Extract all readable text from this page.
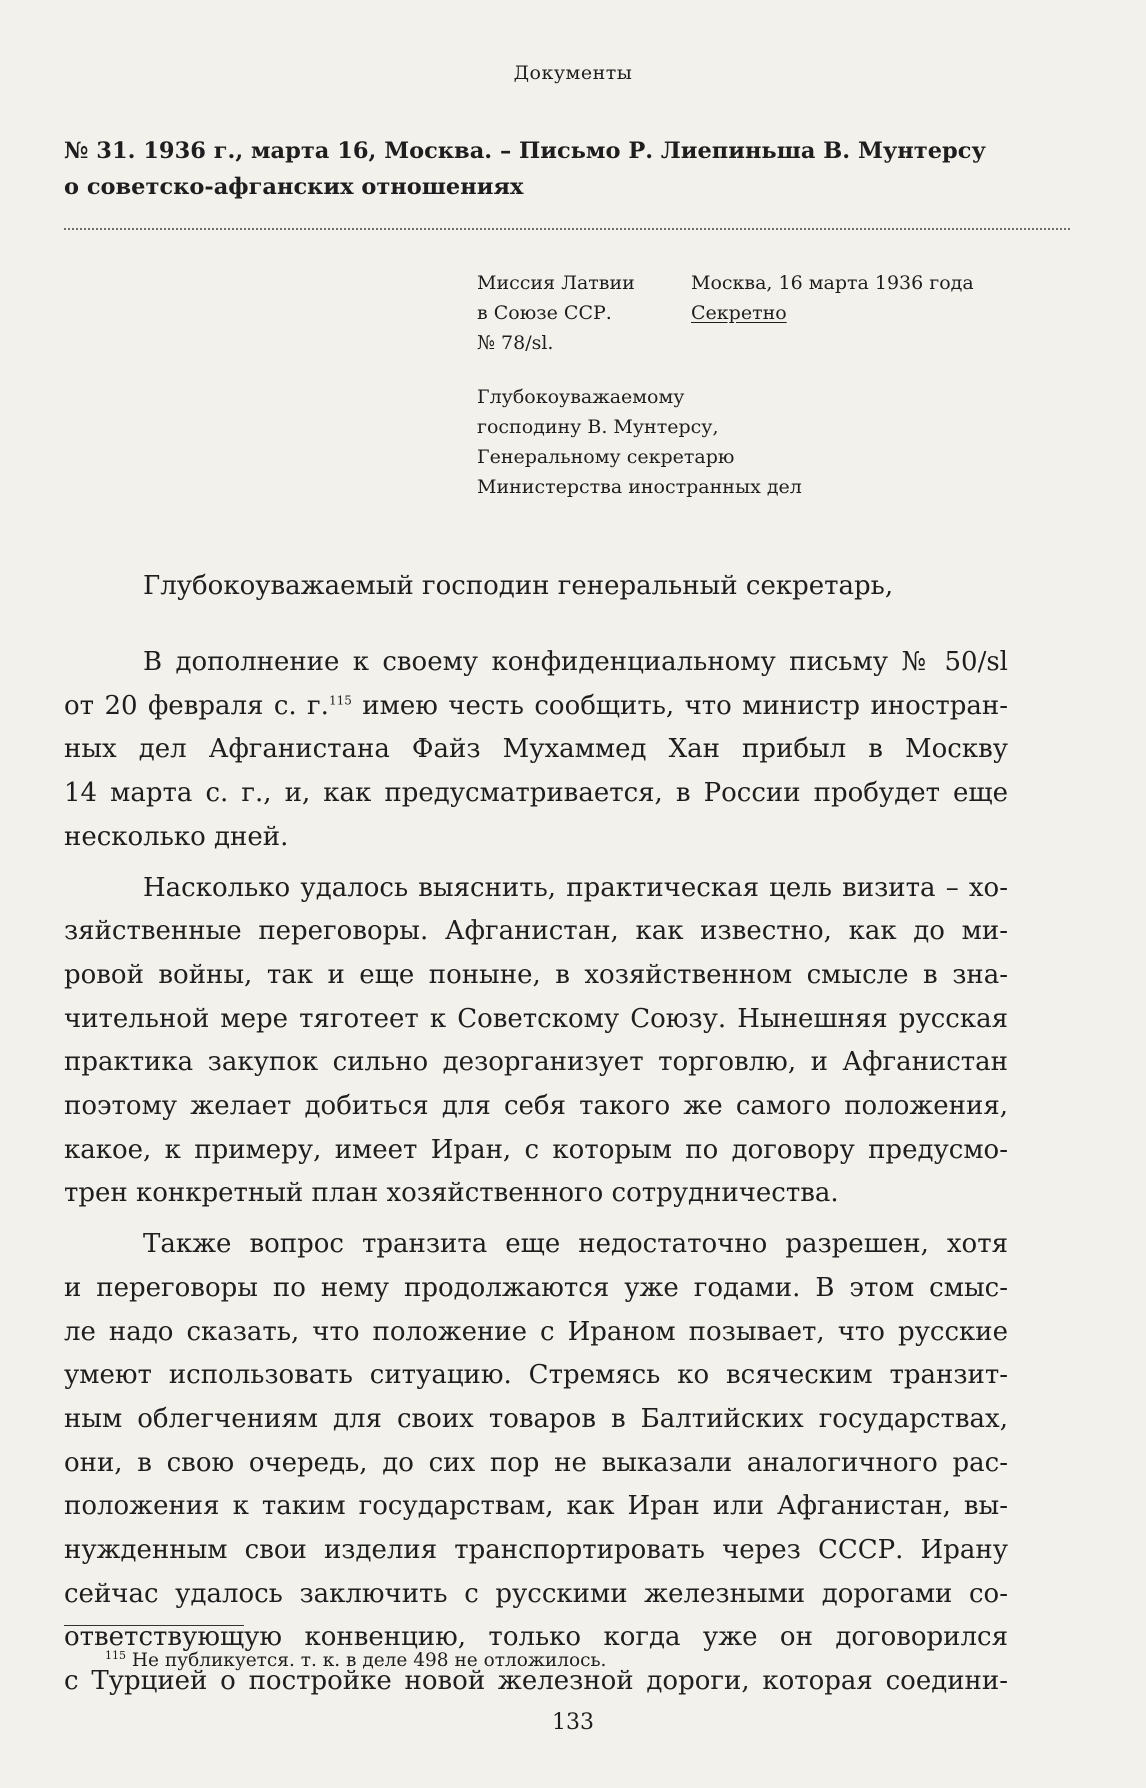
Документы
№ 31. 1936 г., марта 16, Москва. – Письмо Р. Лиепиньша В. Мунтерсу
о советско-афганских отношениях
Миссия Латвии
в Союзе ССР.
№ 78/sl.
Москва, 16 марта 1936 года
Секретно
Глубокоуважаемому
господину В. Мунтерсу,
Генеральному секретарю
Министерства иностранных дел
Глубокоуважаемый господин генеральный секретарь,

В дополнение к своему конфиденциальному письму № 50/sl
от 20 февраля с. г.$^{115}$ имею честь сообщить, что министр иностран-
ных дел Афганистана Файз Мухаммед Хан прибыл в Москву
14 марта с. г., и, как предусматривается, в России пробудет еще
несколько дней.

Насколько удалось выяснить, практическая цель визита – хо-
зяйственные переговоры. Афганистан, как известно, как до ми-
ровой войны, так и еще поныне, в хозяйственном смысле в зна-
чительной мере тяготеет к Советскому Союзу. Нынешняя русская
практика закупок сильно дезорганизует торговлю, и Афганистан
поэтому желает добиться для себя такого же самого положения,
какое, к примеру, имеет Иран, с которым по договору предусмо-
трен конкретный план хозяйственного сотрудничества.

Также вопрос транзита еще недостаточно разрешен, хотя
и переговоры по нему продолжаются уже годами. В этом смыс-
ле надо сказать, что положение с Ираном позывает, что русские
умеют использовать ситуацию. Стремясь ко всяческим транзит-
ным облегчениям для своих товаров в Балтийских государствах,
они, в свою очередь, до сих пор не выказали аналогичного рас-
положения к таким государствам, как Иран или Афганистан, вы-
нужденным свои изделия транспортировать через СССР. Ирану
сейчас удалось заключить с русскими железными дорогами со-
ответствующую конвенцию, только когда уже он договорился
с Турцией о постройке новой железной дороги, которая соедини-

$^{115}$ Не публикуется. т. к. в деле 498 не отложилось.
133
